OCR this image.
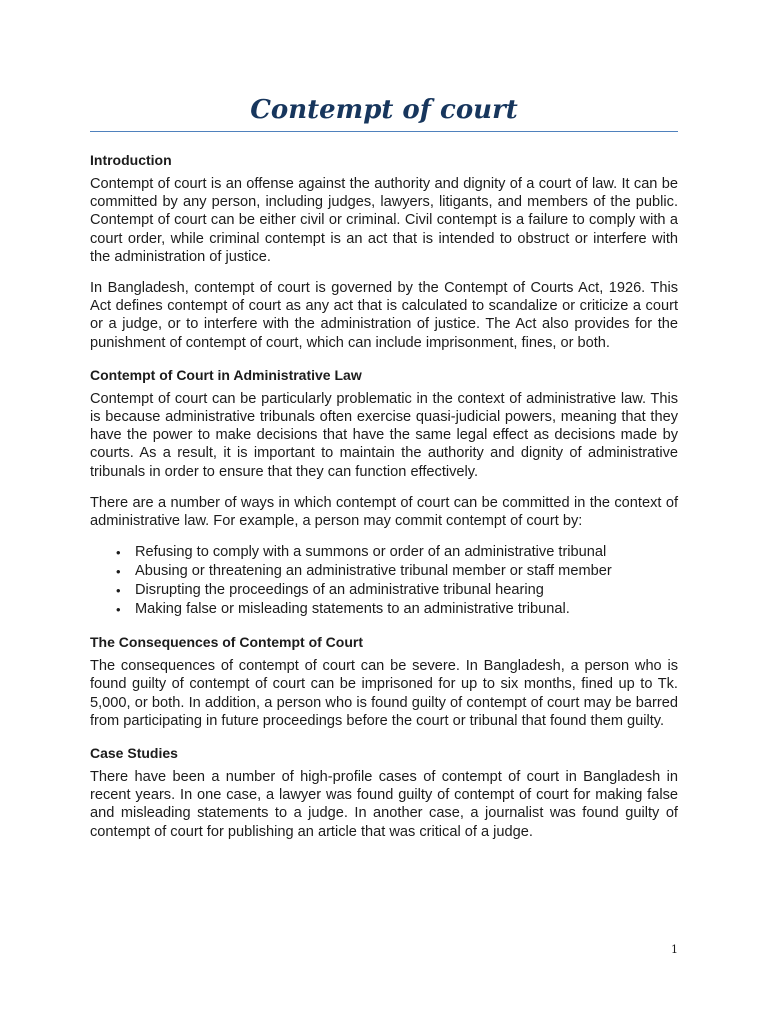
Contempt of court
Introduction

Contempt of court is an offense against the authority and dignity of a court of law. It can be committed by any person, including judges, lawyers, litigants, and members of the public. Contempt of court can be either civil or criminal. Civil contempt is a failure to comply with a court order, while criminal contempt is an act that is intended to obstruct or interfere with the administration of justice.

In Bangladesh, contempt of court is governed by the Contempt of Courts Act, 1926. This Act defines contempt of court as any act that is calculated to scandalize or criticize a court or a judge, or to interfere with the administration of justice. The Act also provides for the punishment of contempt of court, which can include imprisonment, fines, or both.

Contempt of Court in Administrative Law

Contempt of court can be particularly problematic in the context of administrative law. This is because administrative tribunals often exercise quasi-judicial powers, meaning that they have the power to make decisions that have the same legal effect as decisions made by courts. As a result, it is important to maintain the authority and dignity of administrative tribunals in order to ensure that they can function effectively.

There are a number of ways in which contempt of court can be committed in the context of administrative law. For example, a person may commit contempt of court by:

• Refusing to comply with a summons or order of an administrative tribunal
• Abusing or threatening an administrative tribunal member or staff member
• Disrupting the proceedings of an administrative tribunal hearing
• Making false or misleading statements to an administrative tribunal.
The Consequences of Contempt of Court

The consequences of contempt of court can be severe. In Bangladesh, a person who is found guilty of contempt of court can be imprisoned for up to six months, fined up to Tk. 5,000, or both. In addition, a person who is found guilty of contempt of court may be barred from participating in future proceedings before the court or tribunal that found them guilty.

Case Studies

There have been a number of high-profile cases of contempt of court in Bangladesh in recent years. In one case, a lawyer was found guilty of contempt of court for making false and misleading statements to a judge. In another case, a journalist was found guilty of contempt of court for publishing an article that was critical of a judge.

1
